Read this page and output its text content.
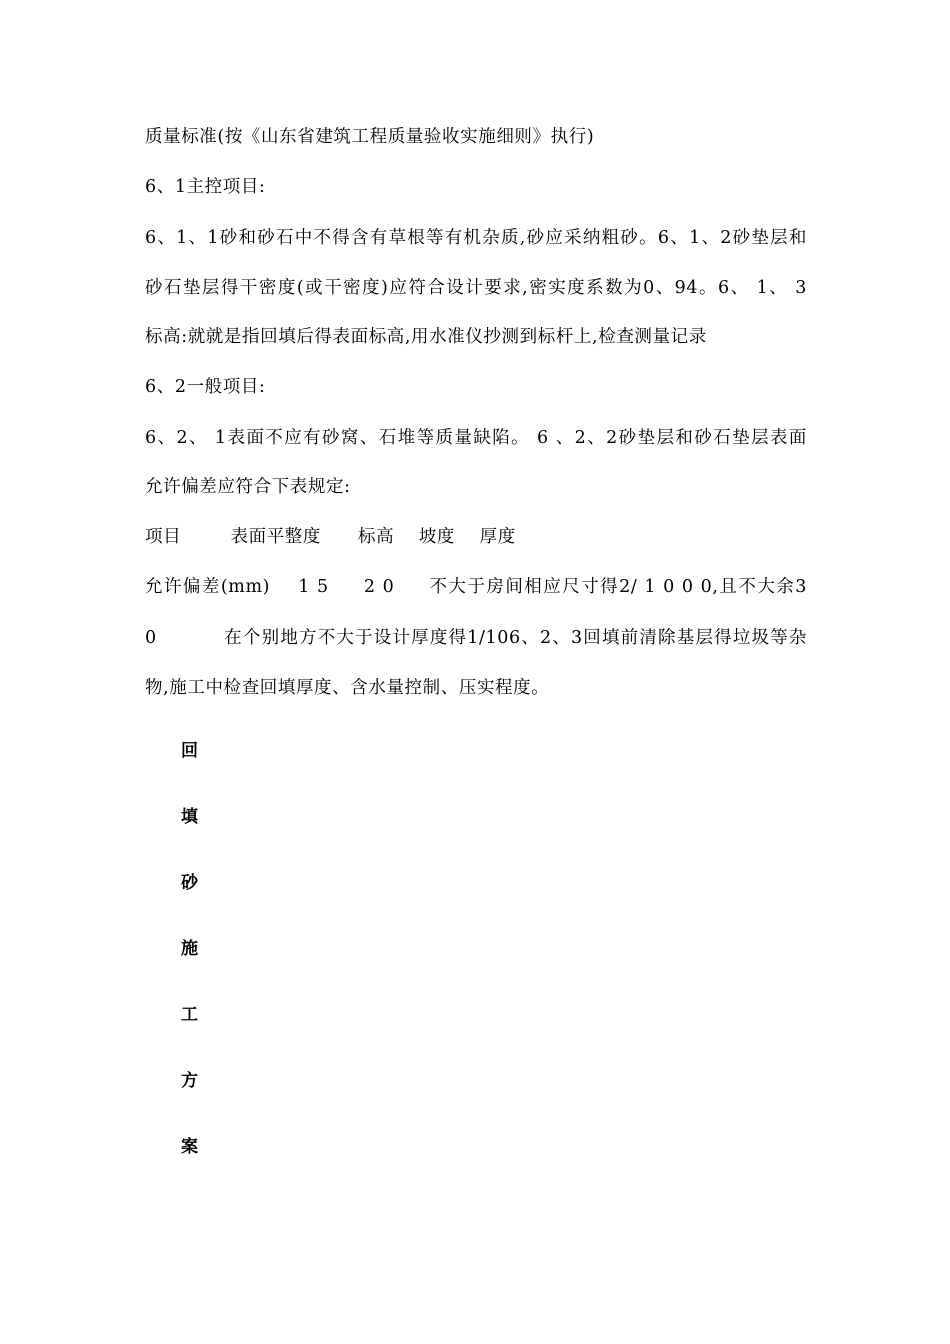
质量标准(按《山东省建筑工程质量验收实施细则》执行)
6、1主控项目:
6、1、1砂和砂石中不得含有草根等有机杂质,砂应采纳粗砂。6、1、2砂垫层和
砂石垫层得干密度(或干密度)应符合设计要求,密实度系数为0、94。6、 1、 3
标高:就就是指回填后得表面标高,用水准仪抄测到标杆上,检查测量记录
6、2一般项目:
6、2、 1表面不应有砂窝、石堆等质量缺陷。 6 、2、2砂垫层和砂石垫层表面
允许偏差应符合下表规定:
项目        表面平整度      标高    坡度    厚度
允许偏差(mm)    1 5     2 0     不大于房间相应尺寸得2/ 1 0 0 0,且不大余3
0          在个别地方不大于设计厚度得1/106、2、3回填前清除基层得垃圾等杂
物,施工中检查回填厚度、含水量控制、压实程度。
回
填
砂
施
工
方
案
